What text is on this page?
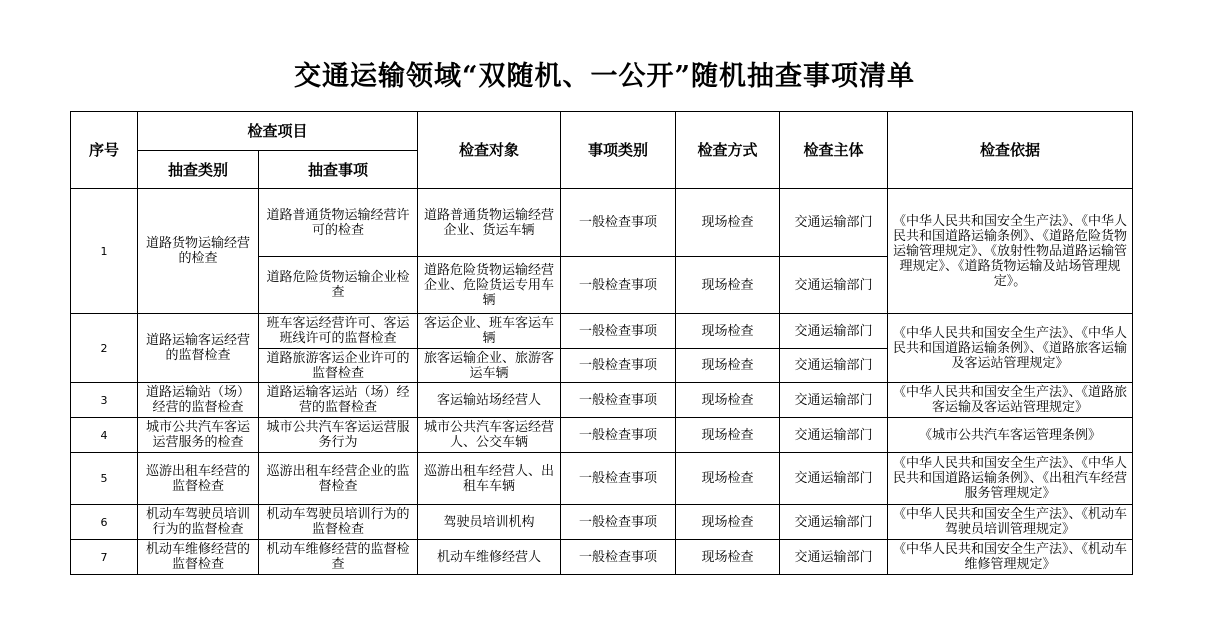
交通运输领域“双随机、一公开”随机抽查事项清单
序号	检查项目		检查对象	事项类别	检查方式	检查主体	检查依据
	抽查类别	抽查事项					
1	道路货物运输经营的检查	道路普通货物运输经营许可的检查	道路普通货物运输经营企业、货运车辆	一般检查事项	现场检查	交通运输部门	《中华人民共和国安全生产法》、《中华人民共和国道路运输条例》、《道路危险货物运输管理规定》、《放射性物品道路运输管理规定》、《道路货物运输及站场管理规定》。
		道路危险货物运输企业检查	道路危险货物运输经营企业、危险货运专用车辆	一般检查事项	现场检查	交通运输部门	
2	道路运输客运经营的监督检查	班车客运经营许可、客运班线许可的监督检查	客运企业、班车客运车辆	一般检查事项	现场检查	交通运输部门	《中华人民共和国安全生产法》、《中华人民共和国道路运输条例》、《道路旅客运输及客运站管理规定》
		道路旅游客运企业许可的监督检查	旅客运输企业、旅游客运车辆	一般检查事项	现场检查	交通运输部门	
3	道路运输站（场）经营的监督检查	道路运输客运站（场）经营的监督检查	客运输站场经营人	一般检查事项	现场检查	交通运输部门	《中华人民共和国安全生产法》、《道路旅客运输及客运站管理规定》
4	城市公共汽车客运运营服务的检查	城市公共汽车客运运营服务行为	城市公共汽车客运经营人、公交车辆	一般检查事项	现场检查	交通运输部门	《城市公共汽车客运管理条例》
5	巡游出租车经营的监督检查	巡游出租车经营企业的监督检查	巡游出租车经营人、出租车车辆	一般检查事项	现场检查	交通运输部门	《中华人民共和国安全生产法》、《中华人民共和国道路运输条例》、《出租汽车经营服务管理规定》
6	机动车驾驶员培训行为的监督检查	机动车驾驶员培训行为的监督检查	驾驶员培训机构	一般检查事项	现场检查	交通运输部门	《中华人民共和国安全生产法》、《机动车驾驶员培训管理规定》
7	机动车维修经营的监督检查	机动车维修经营的监督检查	机动车维修经营人	一般检查事项	现场检查	交通运输部门	《中华人民共和国安全生产法》、《机动车维修管理规定》
